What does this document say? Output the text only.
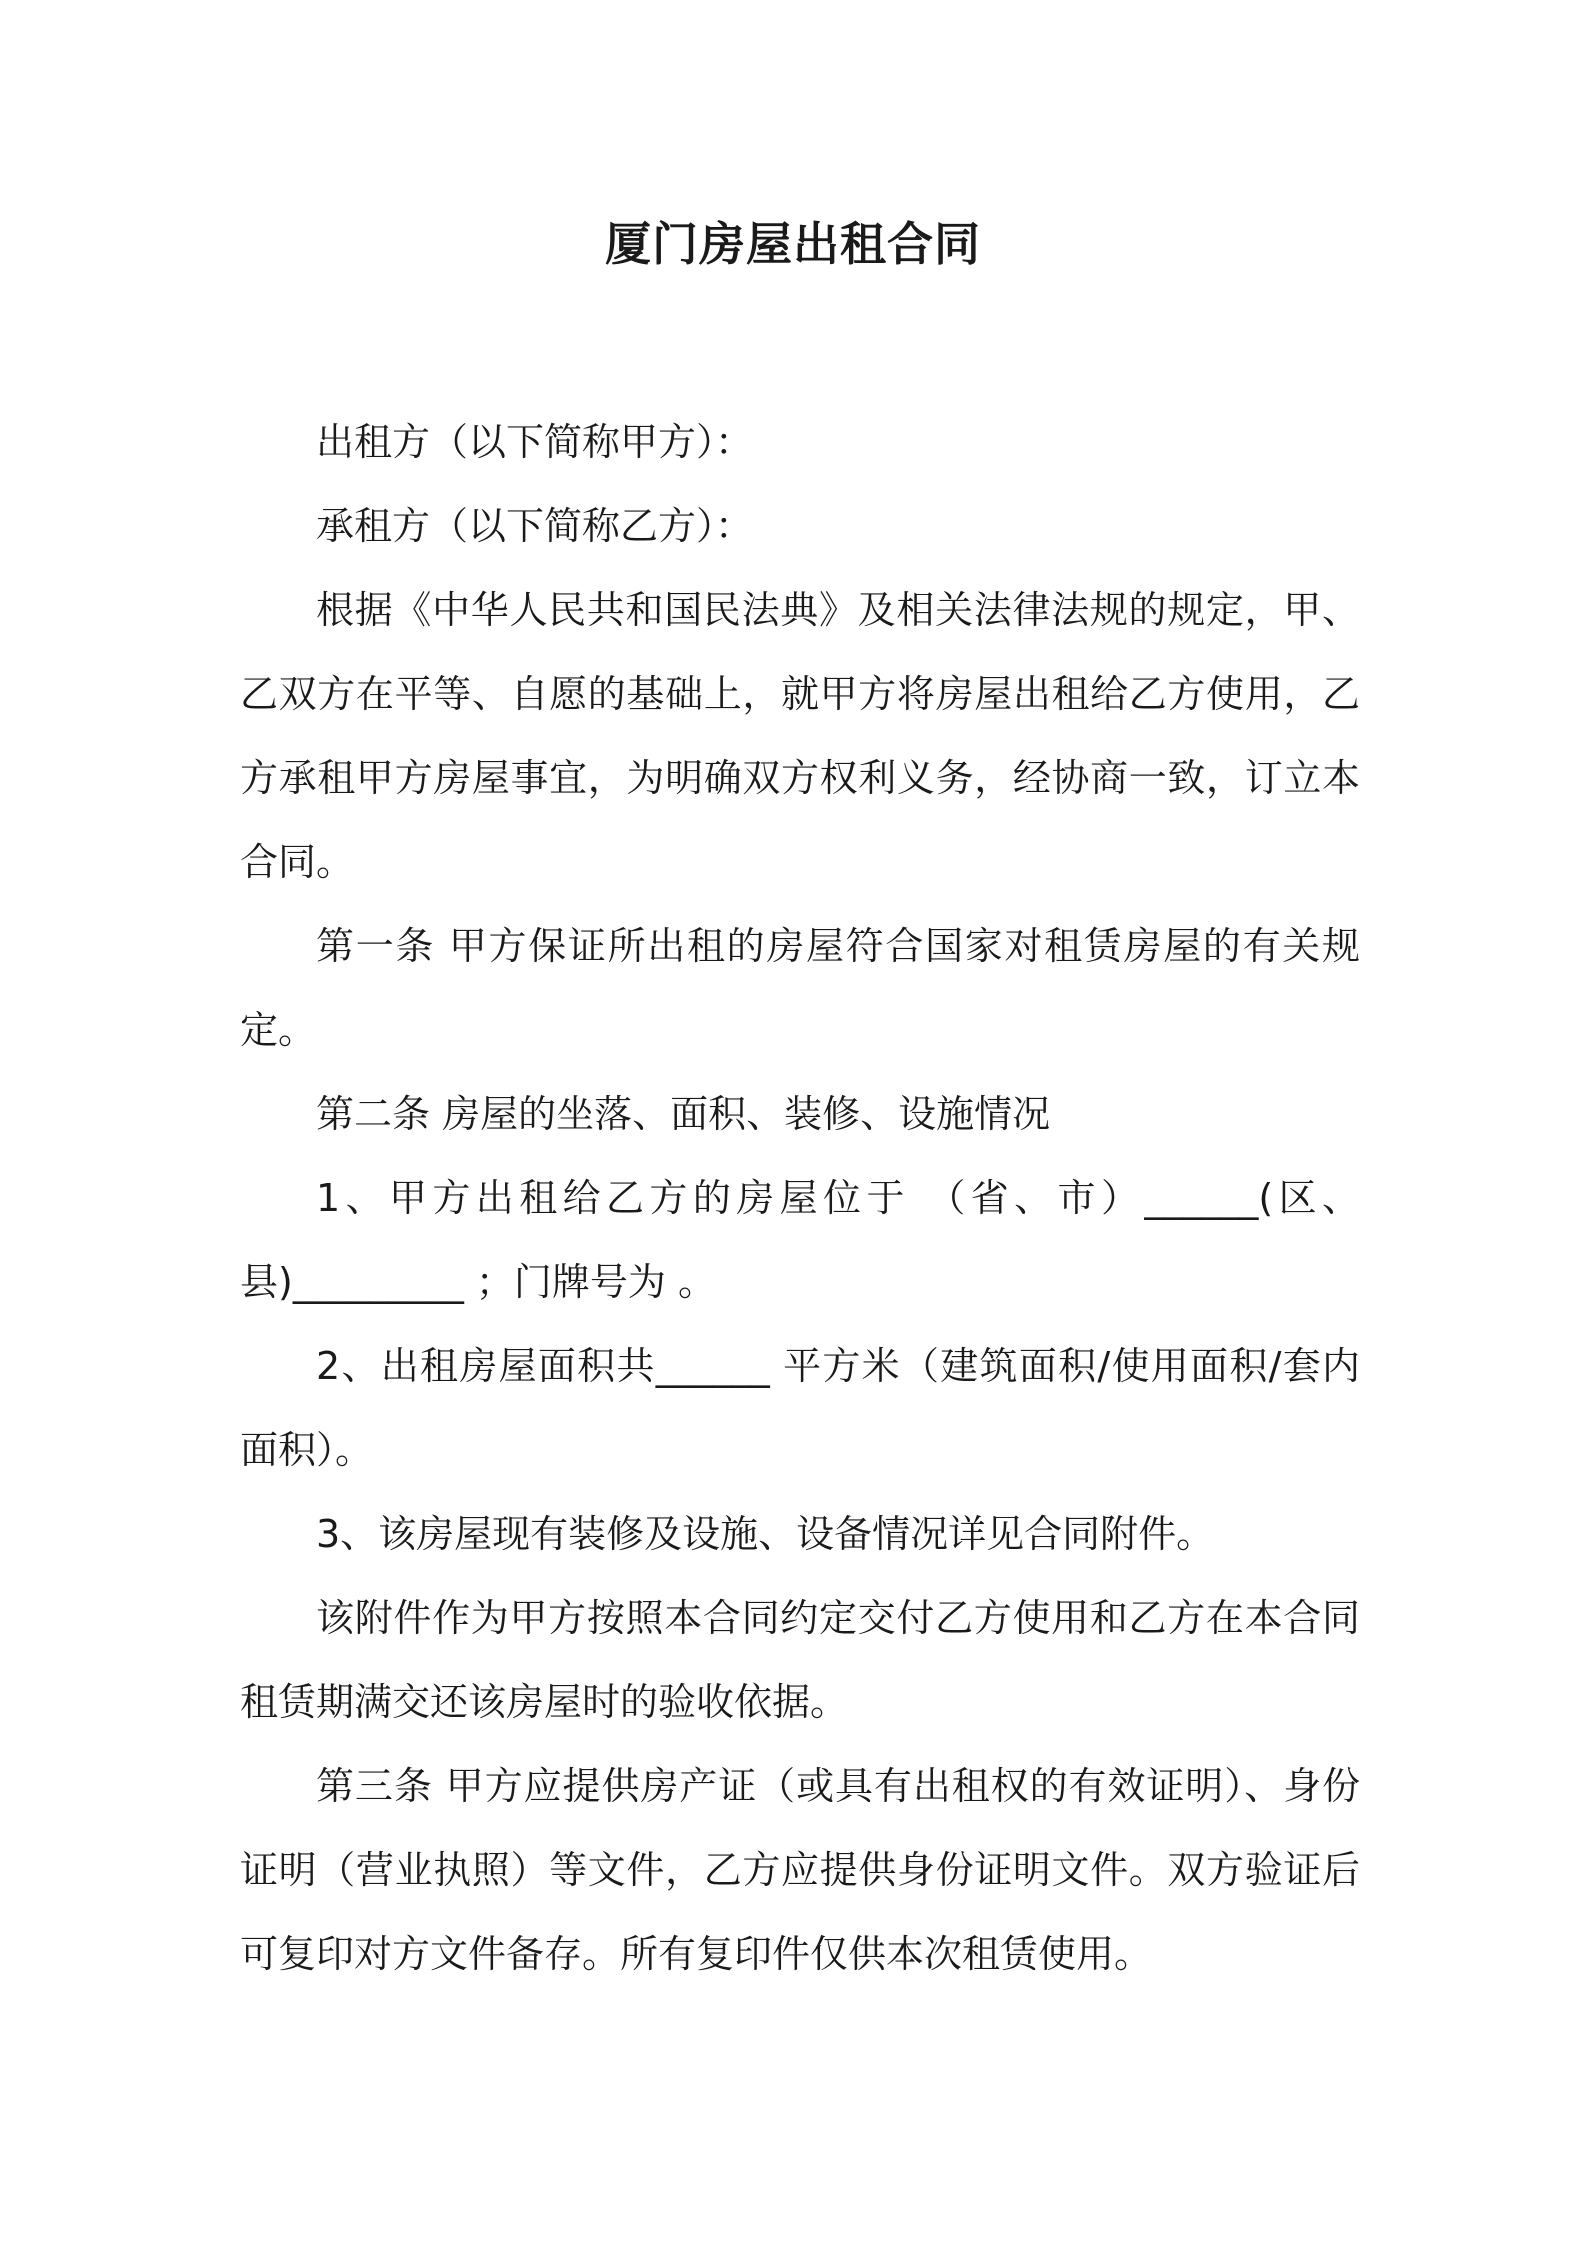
厦门房屋出租合同

出租方（以下简称甲方）：

承租方（以下简称乙方）：

根据《中华人民共和国民法典》及相关法律法规的规定，甲、乙双方在平等、自愿的基础上，就甲方将房屋出租给乙方使用，乙方承租甲方房屋事宜，为明确双方权利义务，经协商一致，订立本合同。

第一条 甲方保证所出租的房屋符合国家对租赁房屋的有关规定。

第二条 房屋的坐落、面积、装修、设施情况

1、甲方出租给乙方的房屋位于 （省、市）______(区、县)_________ ；门牌号为 。

2、出租房屋面积共______ 平方米（建筑面积/使用面积/套内面积）。

3、该房屋现有装修及设施、设备情况详见合同附件。

该附件作为甲方按照本合同约定交付乙方使用和乙方在本合同租赁期满交还该房屋时的验收依据。

第三条 甲方应提供房产证（或具有出租权的有效证明）、身份证明（营业执照）等文件，乙方应提供身份证明文件。双方验证后可复印对方文件备存。所有复印件仅供本次租赁使用。
